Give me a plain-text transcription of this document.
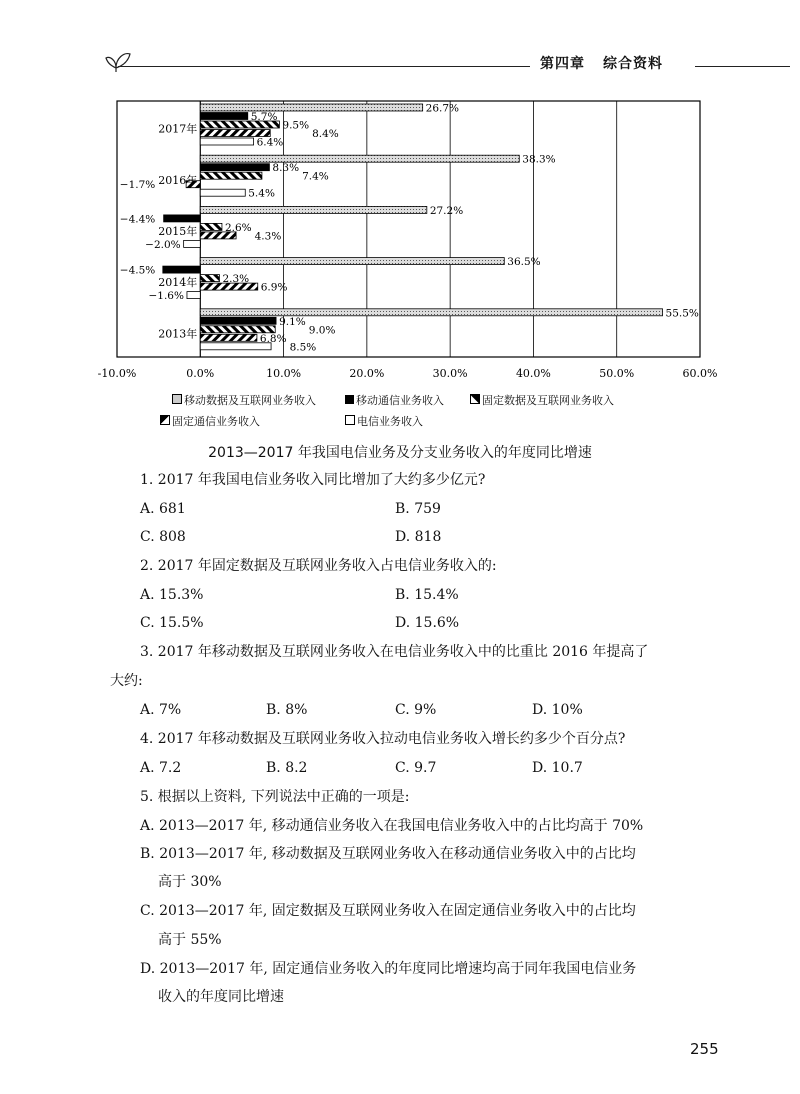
第四章 综合资料
-10.0%	0.0%	10.0%	20.0%	30.0%	40.0%	50.0%	60.0%
2017年
2016年
2015年
2014年
2013年
26.7%
5.7%
9.5%
8.4%
6.4%
38.3%
8.3%
7.4%
−1.7%
5.4%
27.2%
−4.4%
2.6%
4.3%
−2.0%
36.5%
−4.5%
2.3%
6.9%
−1.6%
55.5%
9.1%
9.0%
6.8%
8.5%
移动数据及互联网业务收入	移动通信业务收入	固定数据及互联网业务收入
固定通信业务收入	电信业务收入
2013—2017 年我国电信业务及分支业务收入的年度同比增速
1. 2017 年我国电信业务收入同比增加了大约多少亿元?
A. 681	B. 759
C. 808	D. 818
2. 2017 年固定数据及互联网业务收入占电信业务收入的:
A. 15.3%	B. 15.4%
C. 15.5%	D. 15.6%
3. 2017 年移动数据及互联网业务收入在电信业务收入中的比重比 2016 年提高了
大约:
A. 7%	B. 8%	C. 9%	D. 10%
4. 2017 年移动数据及互联网业务收入拉动电信业务收入增长约多少个百分点?
A. 7.2	B. 8.2	C. 9.7	D. 10.7
5. 根据以上资料, 下列说法中正确的一项是:
A. 2013—2017 年, 移动通信业务收入在我国电信业务收入中的占比均高于 70%
B. 2013—2017 年, 移动数据及互联网业务收入在移动通信业务收入中的占比均
高于 30%
C. 2013—2017 年, 固定数据及互联网业务收入在固定通信业务收入中的占比均
高于 55%
D. 2013—2017 年, 固定通信业务收入的年度同比增速均高于同年我国电信业务
收入的年度同比增速
255
